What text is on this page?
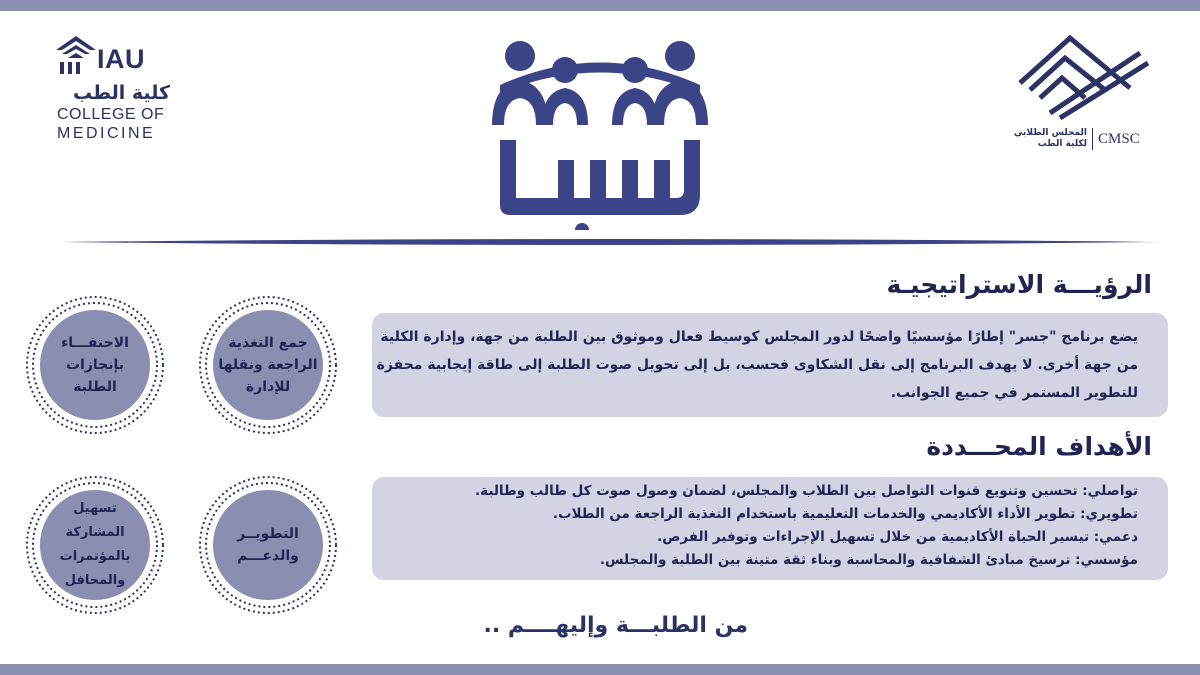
IAU
كلية الطب
COLLEGE OF
MEDICINE	المجلس الطلابي
لكلية الطب CMSC
جمع التغذية الراجعة ونقلها للإدارة
الاحتفـــاء بإنجازات الطلبة
التطويــر والدعـــم
تسهيل المشاركة بالمؤتمرات والمحافل
الرؤيـــة الاستراتيجيـة
يضع برنامج "جسر" إطارًا مؤسسيًا واضحًا لدور المجلس كوسيط فعال وموثوق بين الطلبة من جهة، وإدارة الكلية من جهة أخرى. لا يهدف البرنامج إلى نقل الشكاوى فحسب، بل إلى تحويل صوت الطلبة إلى طاقة إيجابية محفزة للتطوير المستمر في جميع الجوانب.
الأهداف المحـــددة
تواصلي: تحسين وتنويع قنوات التواصل بين الطلاب والمجلس، لضمان وصول صوت كل طالب وطالبة.
تطويري: تطوير الأداء الأكاديمي والخدمات التعليمية باستخدام التغذية الراجعة من الطلاب.
دعمي: تيسير الحياة الأكاديمية من خلال تسهيل الإجراءات وتوفير الفرص.
مؤسسي: ترسيخ مبادئ الشفافية والمحاسبة وبناء ثقة متينة بين الطلبة والمجلس.
من الطلبـــة وإليهــــم ..
